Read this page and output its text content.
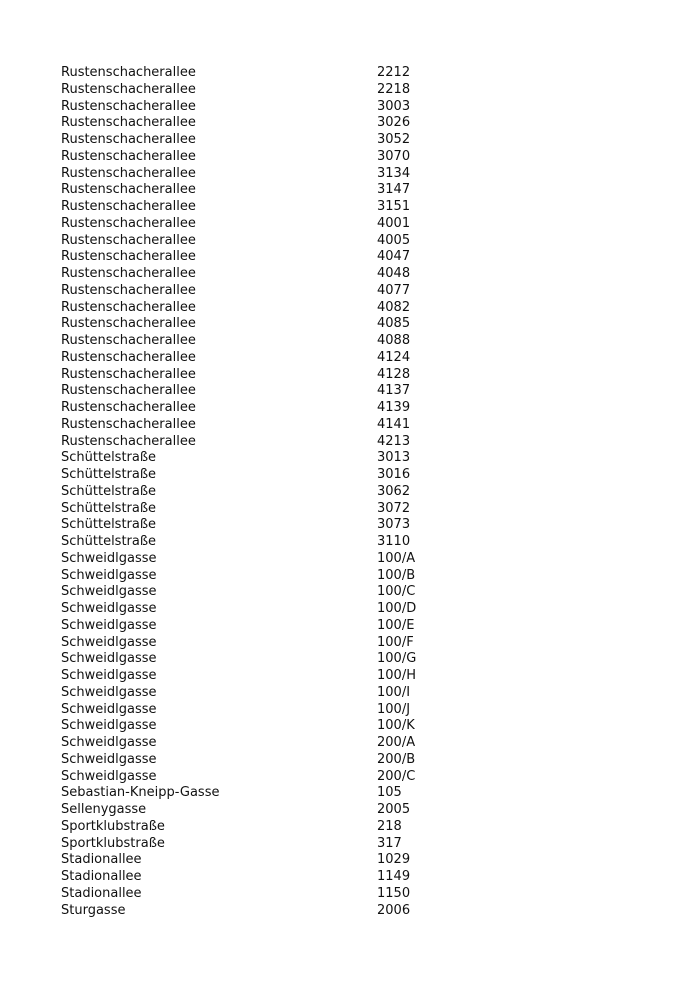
Rustenschacherallee	2212
Rustenschacherallee	2218
Rustenschacherallee	3003
Rustenschacherallee	3026
Rustenschacherallee	3052
Rustenschacherallee	3070
Rustenschacherallee	3134
Rustenschacherallee	3147
Rustenschacherallee	3151
Rustenschacherallee	4001
Rustenschacherallee	4005
Rustenschacherallee	4047
Rustenschacherallee	4048
Rustenschacherallee	4077
Rustenschacherallee	4082
Rustenschacherallee	4085
Rustenschacherallee	4088
Rustenschacherallee	4124
Rustenschacherallee	4128
Rustenschacherallee	4137
Rustenschacherallee	4139
Rustenschacherallee	4141
Rustenschacherallee	4213
Schüttelstraße	3013
Schüttelstraße	3016
Schüttelstraße	3062
Schüttelstraße	3072
Schüttelstraße	3073
Schüttelstraße	3110
Schweidlgasse	100/A
Schweidlgasse	100/B
Schweidlgasse	100/C
Schweidlgasse	100/D
Schweidlgasse	100/E
Schweidlgasse	100/F
Schweidlgasse	100/G
Schweidlgasse	100/H
Schweidlgasse	100/I
Schweidlgasse	100/J
Schweidlgasse	100/K
Schweidlgasse	200/A
Schweidlgasse	200/B
Schweidlgasse	200/C
Sebastian-Kneipp-Gasse	105
Sellenygasse	2005
Sportklubstraße	218
Sportklubstraße	317
Stadionallee	1029
Stadionallee	1149
Stadionallee	1150
Sturgasse	2006
